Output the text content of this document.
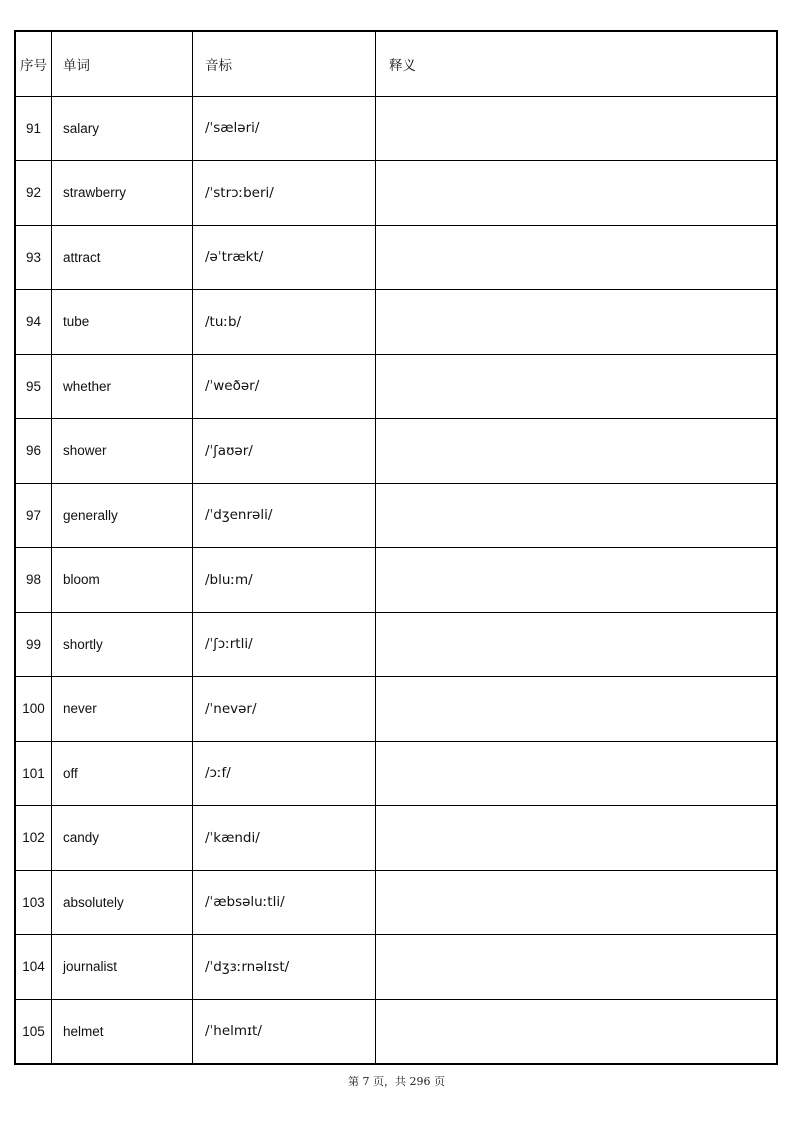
序号	单词	音标	释义
91	salary	/ˈsæləri/	
92	strawberry	/ˈstrɔːberi/	
93	attract	/əˈtrækt/	
94	tube	/tuːb/	
95	whether	/ˈweðər/	
96	shower	/ˈʃaʊər/	
97	generally	/ˈdʒenrəli/	
98	bloom	/bluːm/	
99	shortly	/ˈʃɔːrtli/	
100	never	/ˈnevər/	
101	off	/ɔːf/	
102	candy	/ˈkændi/	
103	absolutely	/ˈæbsəluːtli/	
104	journalist	/ˈdʒɜːrnəlɪst/	
105	helmet	/ˈhelmɪt/	
第 7 页，共 296 页
